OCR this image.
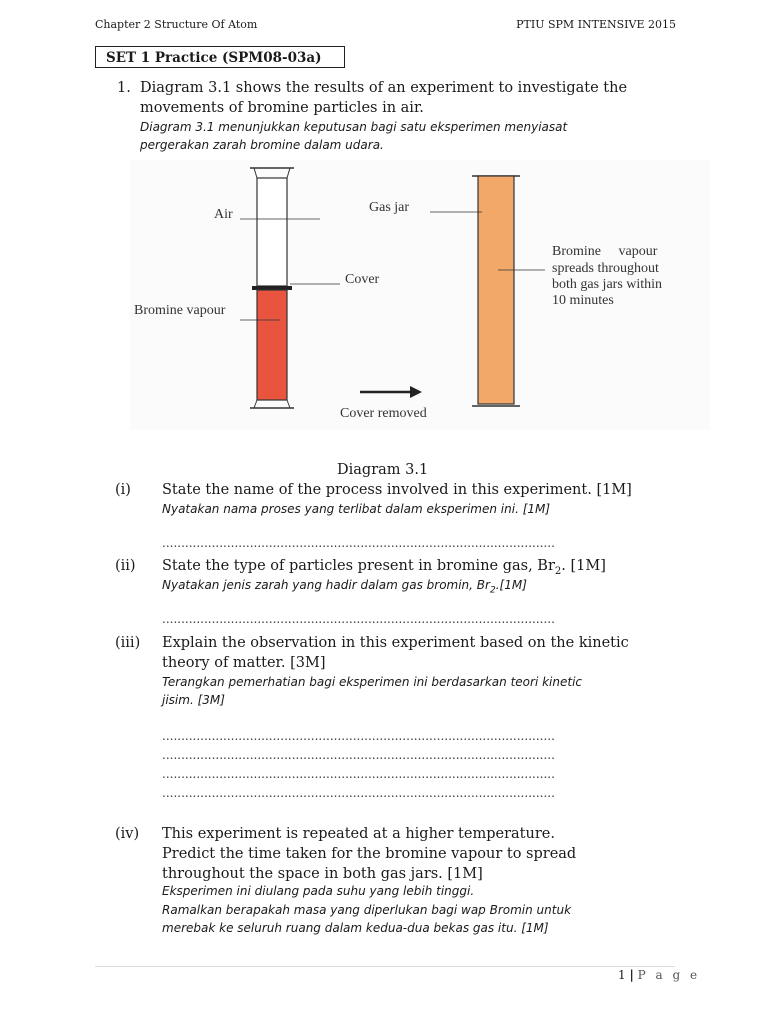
Chapter 2 Structure Of Atom	PTIU SPM INTENSIVE 2015
SET 1 Practice (SPM08-03a)
1. Diagram 3.1 shows the results of an experiment to investigate the
movements of bromine particles in air.
Diagram 3.1 menunjukkan keputusan bagi satu eksperimen menyiasat
pergerakan zarah bromine dalam udara.
Air	Gas jar
Cover
Bromine vapour
Cover removed
Bromine     vapour
spreads throughout
both gas jars within
10 minutes
Diagram 3.1
(i) State the name of the process involved in this experiment. [1M]
Nyatakan nama proses yang terlibat dalam eksperimen ini. [1M]
.......................................................................................................
(ii) State the type of particles present in bromine gas, $Br_2$. [1M]
Nyatakan jenis zarah yang hadir dalam gas bromin, $Br_2.[1M]$
.......................................................................................................
(iii) Explain the observation in this experiment based on the kinetic
theory of matter. [3M]
Terangkan pemerhatian bagi eksperimen ini berdasarkan teori kinetic
jisim. [3M]
.......................................................................................................
.......................................................................................................
.......................................................................................................
.......................................................................................................
(iv) This experiment is repeated at a higher temperature.
Predict the time taken for the bromine vapour to spread
throughout the space in both gas jars. [1M]
Eksperimen ini diulang pada suhu yang lebih tinggi.
Ramalkan berapakah masa yang diperlukan bagi wap Bromin untuk
merebak ke seluruh ruang dalam kedua-dua bekas gas itu. [1M]
1 | P a g e
